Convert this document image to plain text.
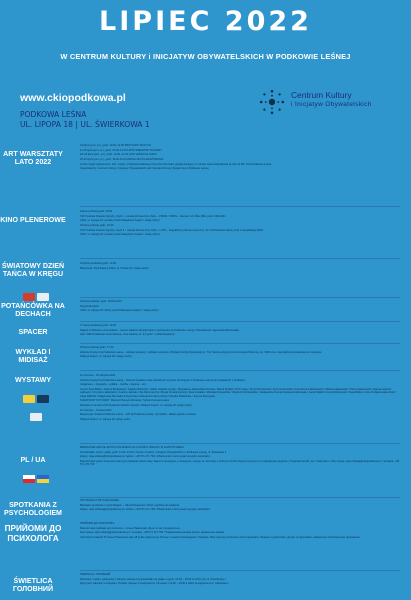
LIPIEC 2022
W CENTRUM KULTURY i INICJATYW OBYWATELSKICH W PODKOWIE LEŚNEJ
www.ckiopodkowa.pl
PODKOWA LEŚNA
UL. LIPOPA 18 | UL. ŚWIERKOWA 1
Centrum Kultury
i Inicjatyw Obywatelskich
ART WARSZTATY LATO 2022

4-8 lipca (pon.-pt.), godz. 10.00–12.00 PRZYGODY MAŁYCH

11-15 lipca (pon.-pt.), godz. 10.00–12.00 LETNI WARSZTAT FILMOWY

18–22 lipca (pon.–pt.), godz. 10.00–12.30 LATO LEŚNYCH LUDZI

25-29 lipca (pon.-pt.), godz. 10.00-12.00 WAKACJE Z PLANSZÓWKAMI

Liczba miejsc ograniczona. Info i zapisy: info@ckiopodkowa.pl lub przez formularz google dostępny na stronie www.ckiopodkowa.pl oraz na FB. Cena Podkowa Leśna.

Organizatorzy: Centrum Kultury i Inicjatyw Obywatelskich oraz Ośrodek Pomocy Społecznej w Podkowie Leśnej

KINO PLENEROWE

8 lipca (sobota) godz. 20.30

XVII Festiwal Otwarte Ogrody, część I – retacja filmowa Kory Żelis – C'MON, C'MON – dramat, reż. Mike Mills, prod. USA 2021

CKiO, ul. Lilpopa 18, pieniek przed Pałacykiem Kasprz / wstęp wolny!

30 lipca (sobota) godz. 20.30

XVII Festiwal Otwarte Ogrody, część II – retacja filmowa Kory Żelis – LATO – biograficzny dramat muzyczny, reż. Kirił Serebrennikow, prod. Francja/Rosja 2018

CKiO, ul. Lilpopa 18, pieniek przed Pałacykiem Kasprz / wstęp wolny!

ŚWIATOWY DZIEŃ TAŃCA W KRĘGU

16 lipca (niedziela) godz. 10.00

Milanówek, Park Zielony Dzień, ul. Królów 10 / wstęp wolny!

POTAŃCÓWKA NA DECHACH

23 lipca (sobota), godz. 18.00-22.00

Zespół Mrzyków

CKiO, ul. Lilpopa 18, dechy przed Pałacykiem Kasprz / wstęp wolny!

SPACER

17 lipca (niedziela) godz. 10.00

Zajęcia w Wilanów i Ame Nalesh – spacer śladami olimpijczyków i sportowców po Podkowie Leśnej / Prowadzenie: Agnieszka Wiśniewska

start: WKD Podkowa Leśna Główna, czas trwania: ok. 2,5 godz. / udział bezpłatny!

WYKŁAD I MIDISAŻ

30 lipca (sobota) godz. 17.00

Historia Artystyczna Podkowie Leśnej – midisaż wystawy z udziałem artystów: Wykład dr Edyty Barucki(ej) pt. Trzy historie artystyczne w Europie Północnej; ok. 1960 roku i sporządzenie kuratorskie po wystawie

Pałacyk Kasprz, ul. Lilpopa 18 / wstęp wolny!

WYSTAWY

10 czerwca – 30 sierpnia 2022

Historia Artystyczna Podkowie Leśnej – złocona wystawa sztuk wizualnych artystów tworzących w Podkowie Leśnej lub związanych z Podkową

(malarstwo – fotografia – grafika – rzeźba – tkanina – art)

Artyści: Ewa Balsk / Joanna Burkietańgi / Kajetan Burkotłys / Jakub Ciołecki (owski) / Magdalena Jastrzębska-Kmicka / Marek Mrgiłós / Piotr Gago / Krzysztof Gramek / Anna Grudowska / Franciszek Lediechewski / Mirela Łukaszewicz / Piotr Łukaszewicz / Hanna Ławnicz-Latkowicz / Krystyna Jaśkiewicz / Joanna Jaśniak / Ola Kaczmarczyk / Beata Kurdek-Kamryk / Ewa Kowalka / Mirosław Kamedzka / Wojciech Kozlowski(e) / Aleksandra Kramsztrowska-Grabkowska / Jacek Malicki / Anna Michniewicz / Ewa Mikina / Anna Podlaszewska-Pestl / Alicja Rafiński / Małgorzata Siemaśko-Krzyżanska / Aleksandra Siemuzów(i) / Monika Walewicka / Justyna Zamoyska

KURATORZY WYSTAWY: Mariusz Pleszyk-Mozanek / Sylwia Kramaszewska

Wystawa w ramach XVII Festiwalu Otwarte Ogrody / Pałacyk Kasprz, ul. Lilpopa 18, wstęp wolny!

10 czerwca – 31 lipca 2022

Ekspozycja: Stulecie Podkowa Leśna – 100 lat Podkowy Leśnej i Jej Okolic - Miasto-ogród w obrazie

Pałacyk Kasprz, ul. Lilpopa 18, wstęp wolny

PL / UA

BEZPŁATNE LEKCJE JĘZYKA POLSKIEGO DLA OSÓB Z UKRAINY W KAŻDYM WIEKU

Poniedziałek, środy i piątki, godz. 11:00–12:00 / Centrum Kultury i Inicjatyw Obywatelskich w Podkowie Leśnej, ul. Świerkowa 1

Zapisy: olga.szklaraj@ckiopodkowa.pl / telefon: +48 571 271 790 / Wiadomości można pisać w języku ukraińskim

Безкоштовні уроки польської мови для українців різного віку. Заняття проходять у понеділок, середу та п'ятницю з 11:00 до 12:00 в Центрі культури та громадських ініціатив у Подкова-Лесній, вул. Свєркова 1. Реєстрація: olga.szklaraj@ckiopodkowa.pl / телефон: +48 571 271 790

SPOTKANIA Z PSYCHOLOGIEM

SPOTKANIA Z PSYCHOLOGIEM

Bezpłatne spotkania z psychologiem – Olena Pawelenko. Dzień i godzina do ustalenia.

Zapisy: olga.szklaraj@ckiopodkowa.pl / telefon: +48 571 271 790 / Wiadomości można pisać w języku ukraińskim

ПРИЙОМИ ДО ПСИХОЛОГА

ПРИЙОМИ ДО ПСИХОЛОГА

Безкоштовні прийоми до психолога – Олена Павеленко. Дата та час узгоджуються.

Реєстрація: olga.szklaraj@ckiopodkowa.pl / телефон: +48 571 271 790 / Повідомлення можна писати українською мовою

Світлиця Головний: В Олени Павеленко мав 18 років практики до Польщі з сином Олександром з Харкова. Має практику психолога-психотерапевта. Працює з дорослими, дітьми та підлітками, займається психологічною підтримкою.

ŚWIETLICA ГОЛОВНИЙ

ŚWIETLICA / ГОЛОВНИЙ

Dla dzieci, matek i opiekunów z Ukrainy otwarta od poniedziałku do piątku w godz. 12:00 – 15:00 w CKiO przy ul. Świerkowej 1

Для дітей, матерів та опікунів з України працює з понеділка по п'ятницю з 12:00 – 15:00 в ЦКІО за адресою вул. Свєркова 1
